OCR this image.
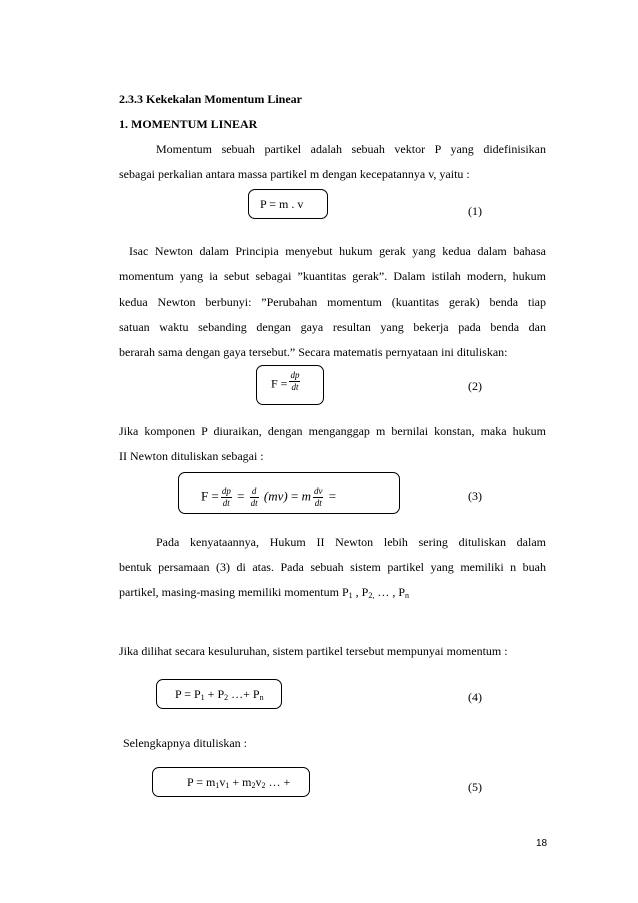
2.3.3 Kekekalan Momentum Linear
1. MOMENTUM LINEAR
Momentum sebuah partikel adalah sebuah vektor P yang didefinisikan
sebagai perkalian antara massa partikel m dengan kecepatannya v, yaitu :
P = m . v	(1)
Isac Newton dalam Principia menyebut hukum gerak yang kedua dalam bahasa
momentum yang ia sebut sebagai ”kuantitas gerak”. Dalam istilah modern, hukum
kedua Newton berbunyi: ”Perubahan momentum (kuantitas gerak) benda tiap
satuan waktu sebanding dengan gaya resultan yang bekerja pada benda dan
berarah sama dengan gaya tersebut.” Secara matematis pernyataan ini dituliskan:
$F = \frac{dp}{dt}$	(2)
Jika komponen P diuraikan, dengan menganggap m bernilai konstan, maka hukum
II Newton dituliskan sebagai :
$F = \frac{dp}{dt} = \frac{d}{dt} (mv) = m \frac{dv}{dt}$ =	(3)
Pada kenyataannya, Hukum II Newton lebih sering dituliskan dalam
bentuk persamaan (3) di atas. Pada sebuah sistem partikel yang memiliki n buah
partikel, masing-masing memiliki momentum $P_1$ , $P_{2,}$ … , $P_n$
Jika dilihat secara kesuluruhan, sistem partikel tersebut mempunyai momentum :
$P = P_1 + P_2$ …+ $P_n$	(4)
Selengkapnya dituliskan :
$P = m_1v_1 + m_2v_2$ … +	(5)
18
